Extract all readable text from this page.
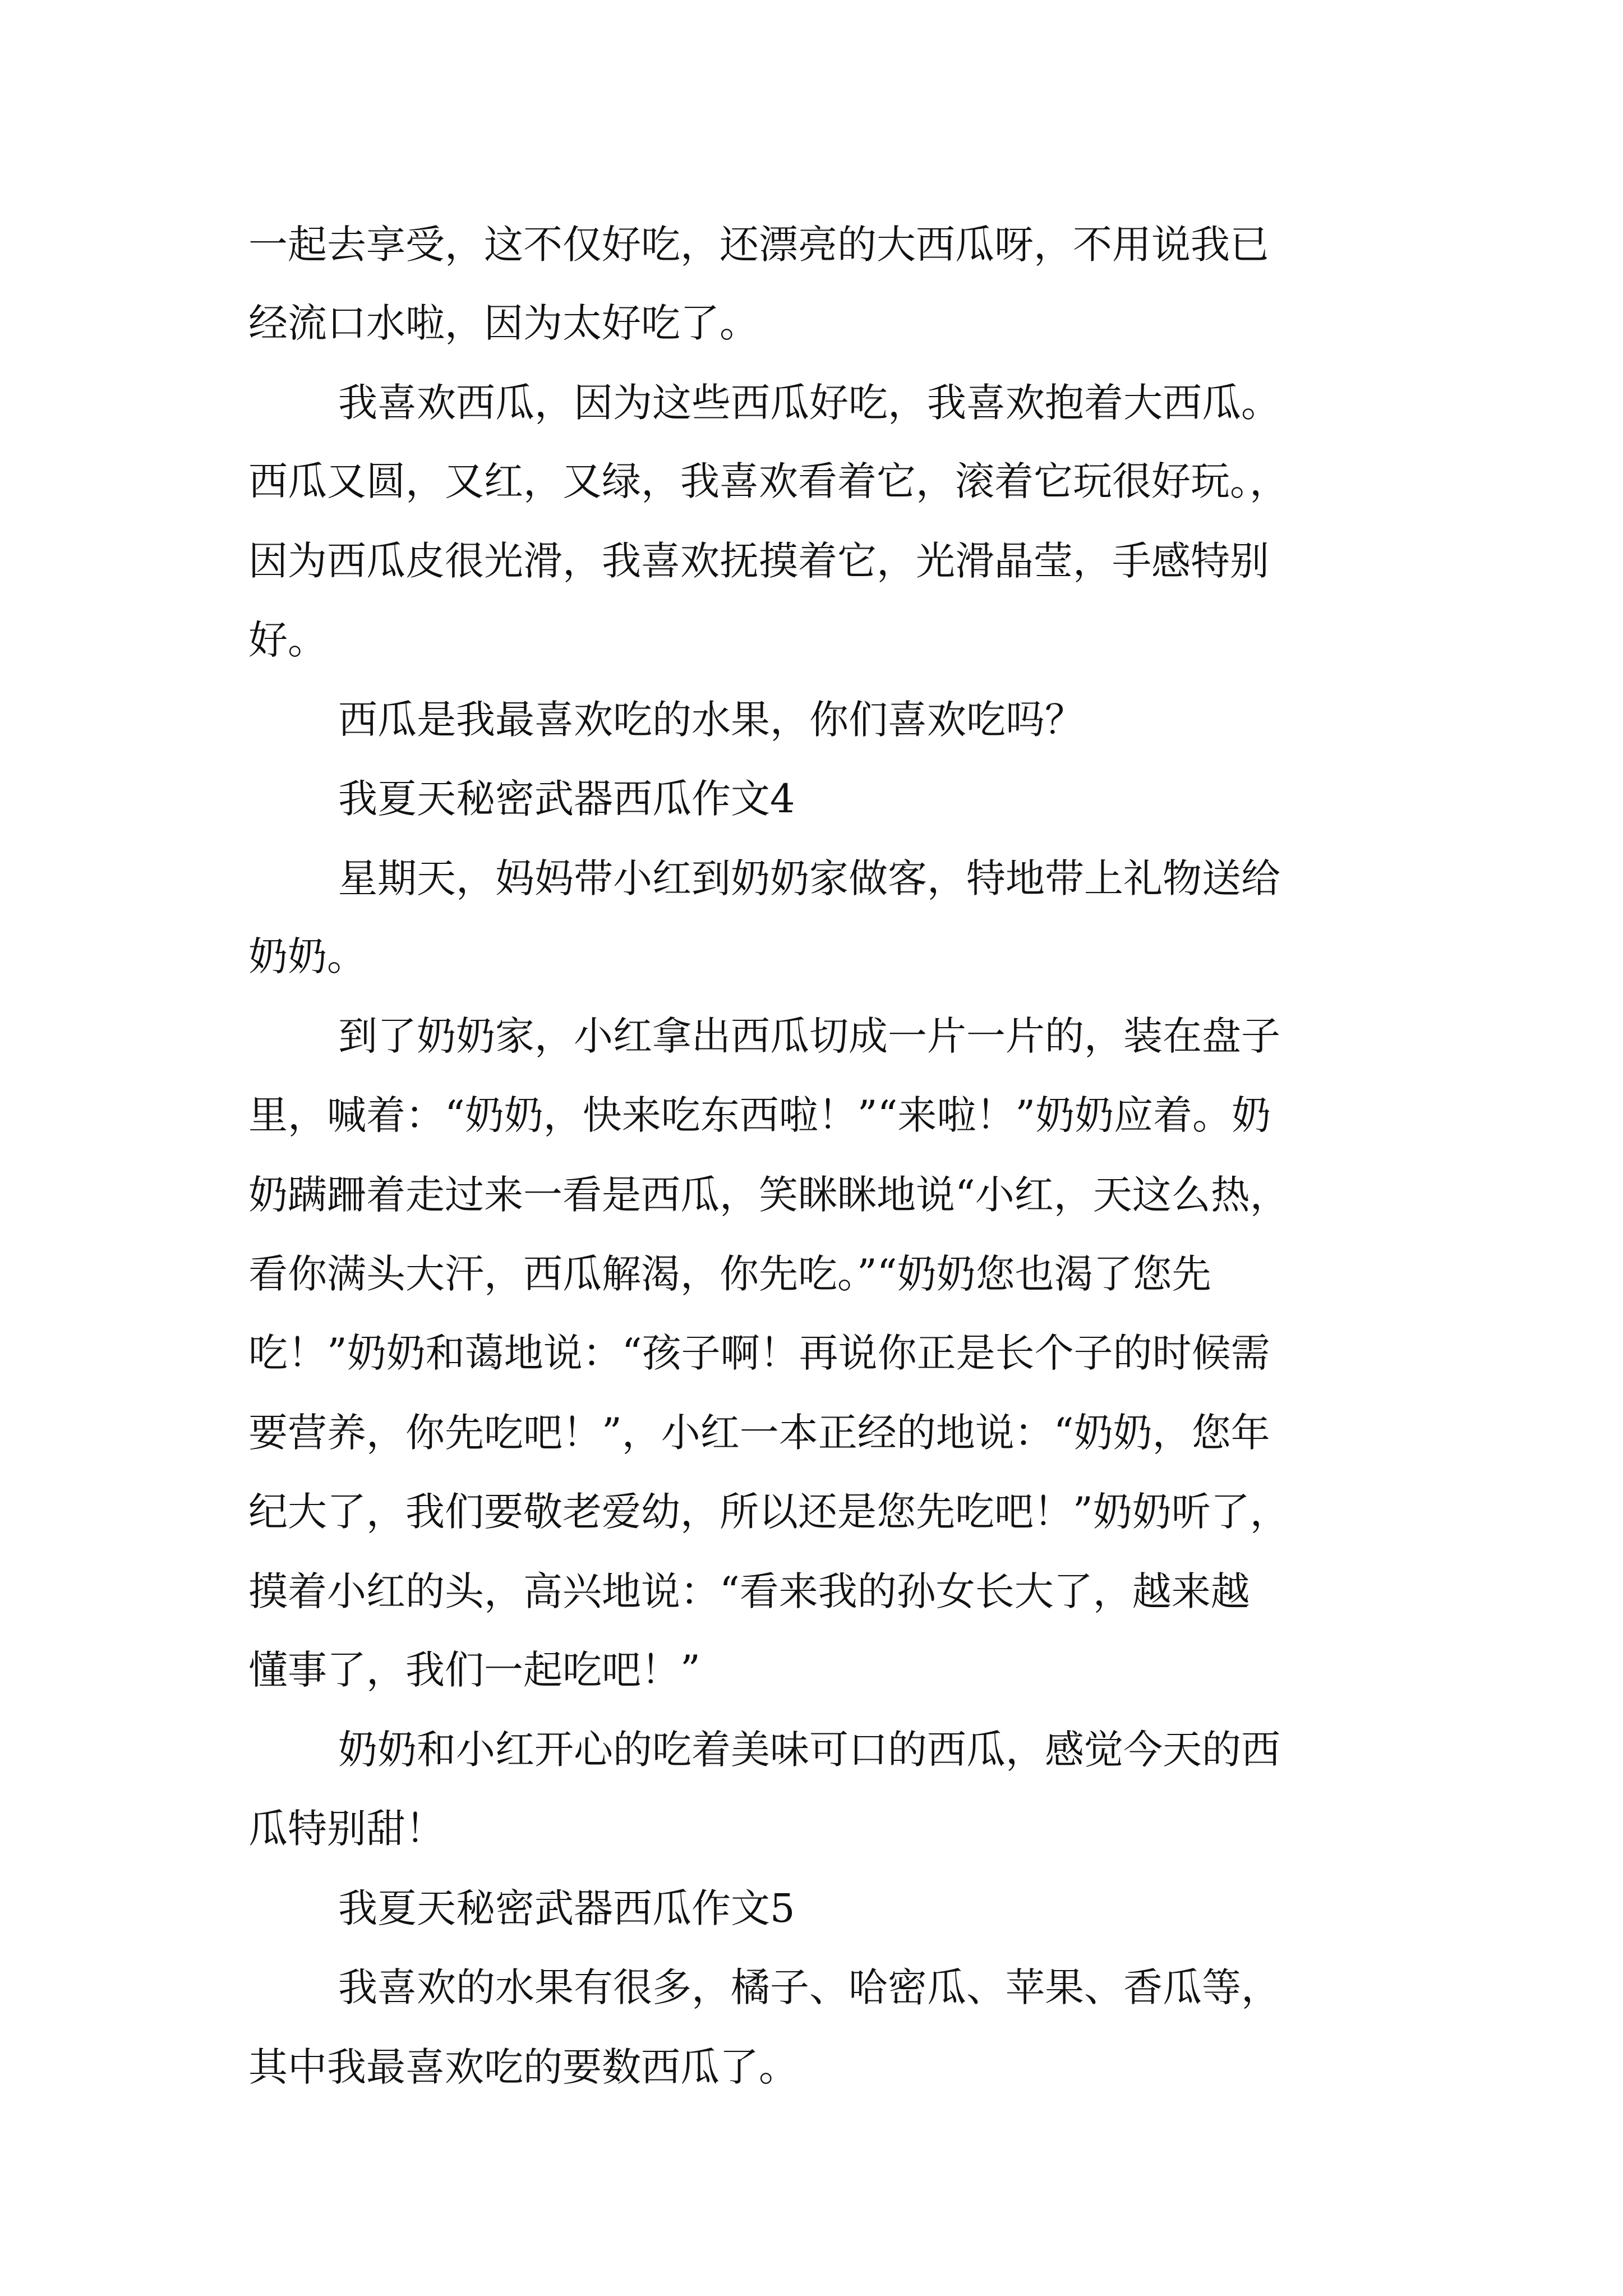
一起去享受，这不仅好吃，还漂亮的大西瓜呀，不用说我已

经流口水啦，因为太好吃了。

我喜欢西瓜，因为这些西瓜好吃，我喜欢抱着大西瓜。

西瓜又圆，又红，又绿，我喜欢看着它，滚着它玩很好玩。，

因为西瓜皮很光滑，我喜欢抚摸着它，光滑晶莹，手感特别

好。

西瓜是我最喜欢吃的水果，你们喜欢吃吗？

我夏天秘密武器西瓜作文4

星期天，妈妈带小红到奶奶家做客，特地带上礼物送给

奶奶。

到了奶奶家，小红拿出西瓜切成一片一片的，装在盘子

里，喊着：“奶奶，快来吃东西啦！”“来啦！”奶奶应着。奶

奶蹒跚着走过来一看是西瓜，笑眯眯地说“小红，天这么热，

看你满头大汗，西瓜解渴，你先吃。”“奶奶您也渴了您先

吃！”奶奶和蔼地说：“孩子啊！再说你正是长个子的时候需

要营养，你先吃吧！”，小红一本正经的地说：“奶奶，您年

纪大了，我们要敬老爱幼，所以还是您先吃吧！”奶奶听了，

摸着小红的头，高兴地说：“看来我的孙女长大了，越来越

懂事了，我们一起吃吧！”

奶奶和小红开心的吃着美味可口的西瓜，感觉今天的西

瓜特别甜！

我夏天秘密武器西瓜作文5

我喜欢的水果有很多，橘子、哈密瓜、苹果、香瓜等，

其中我最喜欢吃的要数西瓜了。
